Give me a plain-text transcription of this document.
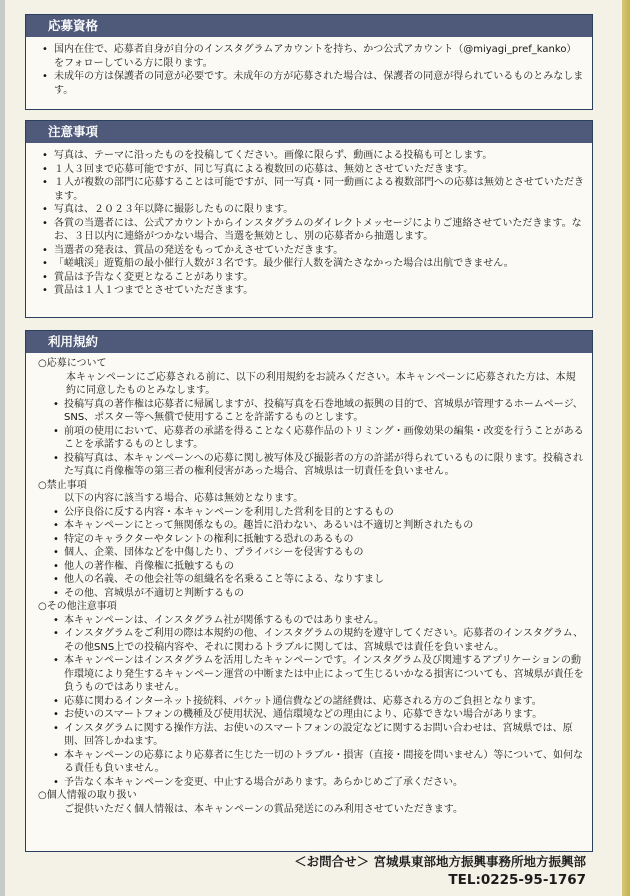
応募資格

• 国内在住で、応募者自身が自分のインスタグラムアカウントを持ち、かつ公式アカウント（@miyagi_pref_kanko）をフォローしている方に限ります。

• 未成年の方は保護者の同意が必要です。未成年の方が応募された場合は、保護者の同意が得られているものとみなします。

注意事項

• 写真は、テーマに沿ったものを投稿してください。画像に限らず、動画による投稿も可とします。

• １人３回まで応募可能ですが、同じ写真による複数回の応募は、無効とさせていただきます。

• １人が複数の部門に応募することは可能ですが、同一写真・同一動画による複数部門への応募は無効とさせていただきます。

• 写真は、２０２３年以降に撮影したものに限ります。

• 各賞の当選者には、公式アカウントからインスタグラムのダイレクトメッセージによりご連絡させていただきます。なお、３日以内に連絡がつかない場合、当選を無効とし、別の応募者から抽選します。

• 当選者の発表は、賞品の発送をもってかえさせていただきます。

• 「嵯峨渓」遊覧船の最小催行人数が３名です。最少催行人数を満たさなかった場合は出航できません。

• 賞品は予告なく変更となることがあります。

• 賞品は１人１つまでとさせていただきます。

利用規約

○応募について

本キャンペーンにご応募される前に、以下の利用規約をお読みください。本キャンペーンに応募された方は、本規約に同意したものとみなします。

• 投稿写真の著作権は応募者に帰属しますが、投稿写真を石巻地域の振興の目的で、宮城県が管理するホームページ、SNS、ポスター等へ無償で使用することを許諾するものとします。

• 前項の使用において、応募者の承諾を得ることなく応募作品のトリミング・画像効果の編集・改変を行うことがあることを承諾するものとします。

• 投稿写真は、本キャンペーンへの応募に関し被写体及び撮影者の方の許諾が得られているものに限ります。投稿された写真に肖像権等の第三者の権利侵害があった場合、宮城県は一切責任を負いません。

○禁止事項

以下の内容に該当する場合、応募は無効となります。

• 公序良俗に反する内容・本キャンペーンを利用した営利を目的とするもの

• 本キャンペーンにとって無関係なもの。趣旨に沿わない、あるいは不適切と判断されたもの

• 特定のキャラクターやタレントの権利に抵触する恐れのあるもの

• 個人、企業、団体などを中傷したり、プライバシーを侵害するもの

• 他人の著作権、肖像権に抵触するもの

• 他人の名義、その他会社等の組織名を名乗ること等による、なりすまし

• その他、宮城県が不適切と判断するもの

○その他注意事項

• 本キャンペーンは、インスタグラム社が関係するものではありません。

• インスタグラムをご利用の際は本規約の他、インスタグラムの規約を遵守してください。応募者のインスタグラム、その他SNS上での投稿内容や、それに関わるトラブルに関しては、宮城県では責任を負いません。

• 本キャンペーンはインスタグラムを活用したキャンペーンです。インスタグラム及び関連するアプリケーションの動作環境により発生するキャンペーン運営の中断または中止によって生じるいかなる損害についても、宮城県が責任を負うものではありません。

• 応募に関わるインターネット接続料、パケット通信費などの諸経費は、応募される方のご負担となります。

• お使いのスマートフォンの機種及び使用状況、通信環境などの理由により、応募できない場合があります。

• インスタグラムに関する操作方法、お使いのスマートフォンの設定などに関するお問い合わせは、宮城県では、原則、回答しかねます。

• 本キャンペーンの応募により応募者に生じた一切のトラブル・損害（直接・間接を問いません）等について、如何なる責任も負いません。

• 予告なく本キャンペーンを変更、中止する場合があります。あらかじめご了承ください。

○個人情報の取り扱い

ご提供いただく個人情報は、本キャンペーンの賞品発送にのみ利用させていただきます。

＜お問合せ＞ 宮城県東部地方振興事務所地方振興部
TEL:0225-95-1767
